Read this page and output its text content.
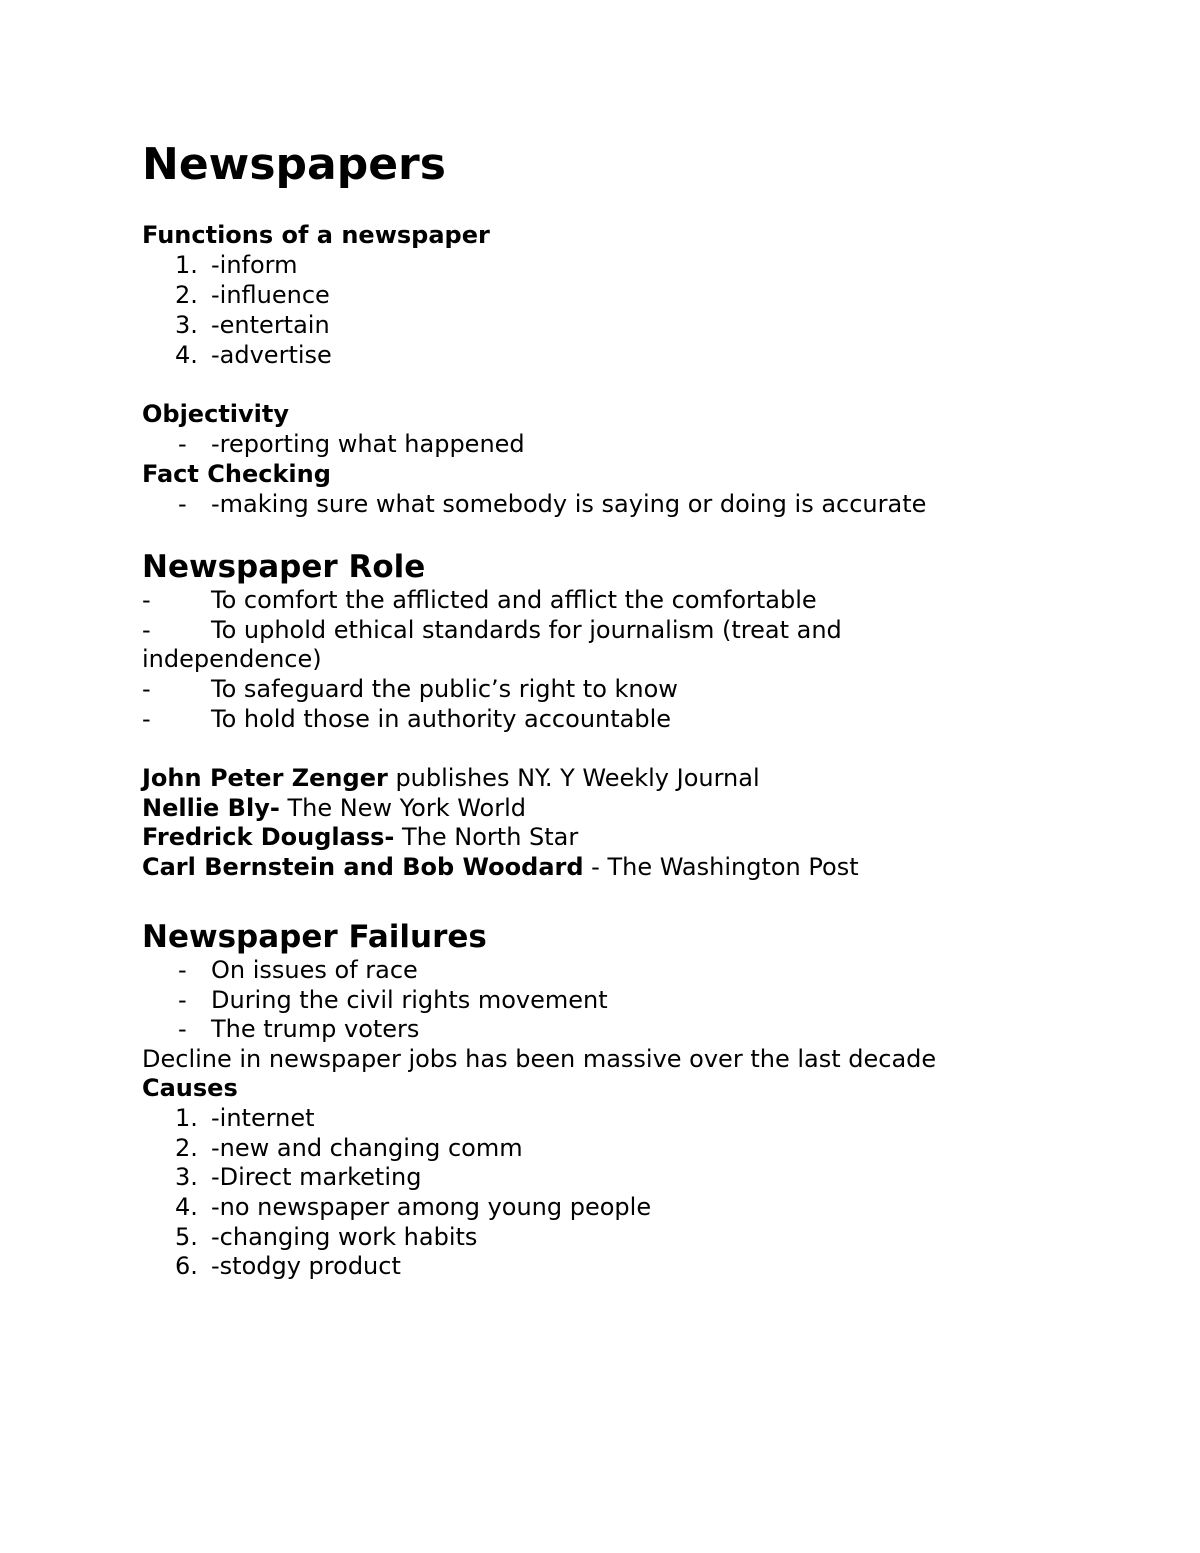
Newspapers
Functions of a newspaper
1. -inform
2. -influence
3. -entertain
4. -advertise
Objectivity
- -reporting what happened
Fact Checking
- -making sure what somebody is saying or doing is accurate
Newspaper Role
-	To comfort the afflicted and afflict the comfortable
-	To uphold ethical standards for journalism (treat and
independence)
-	To safeguard the public’s right to know
-	To hold those in authority accountable
John Peter Zenger publishes NY. Y Weekly Journal
Nellie Bly- The New York World
Fredrick Douglass- The North Star
Carl Bernstein and Bob Woodard - The Washington Post
Newspaper Failures
- On issues of race
- During the civil rights movement
- The trump voters
Decline in newspaper jobs has been massive over the last decade
Causes
1. -internet
2. -new and changing comm
3. -Direct marketing
4. -no newspaper among young people
5. -changing work habits
6. -stodgy product
